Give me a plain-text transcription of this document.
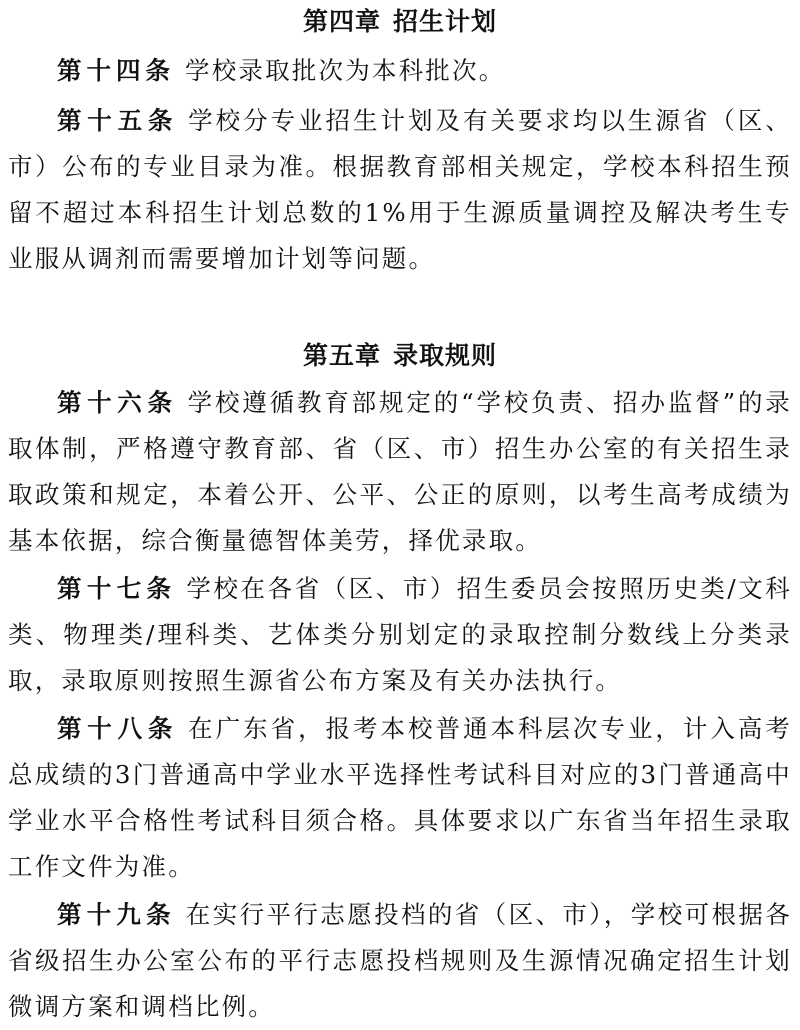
第四章 招生计划

第十四条 学校录取批次为本科批次。

第十五条 学校分专业招生计划及有关要求均以生源省（区、市）公布的专业目录为准。根据教育部相关规定，学校本科招生预留不超过本科招生计划总数的1%用于生源质量调控及解决考生专业服从调剂而需要增加计划等问题。

第五章 录取规则

第十六条 学校遵循教育部规定的“学校负责、招办监督”的录取体制，严格遵守教育部、省（区、市）招生办公室的有关招生录取政策和规定，本着公开、公平、公正的原则，以考生高考成绩为基本依据，综合衡量德智体美劳，择优录取。

第十七条 学校在各省（区、市）招生委员会按照历史类/文科类、物理类/理科类、艺体类分别划定的录取控制分数线上分类录取，录取原则按照生源省公布方案及有关办法执行。

第十八条 在广东省，报考本校普通本科层次专业，计入高考总成绩的3门普通高中学业水平选择性考试科目对应的3门普通高中学业水平合格性考试科目须合格。具体要求以广东省当年招生录取工作文件为准。

第十九条 在实行平行志愿投档的省（区、市），学校可根据各省级招生办公室公布的平行志愿投档规则及生源情况确定招生计划微调方案和调档比例。
